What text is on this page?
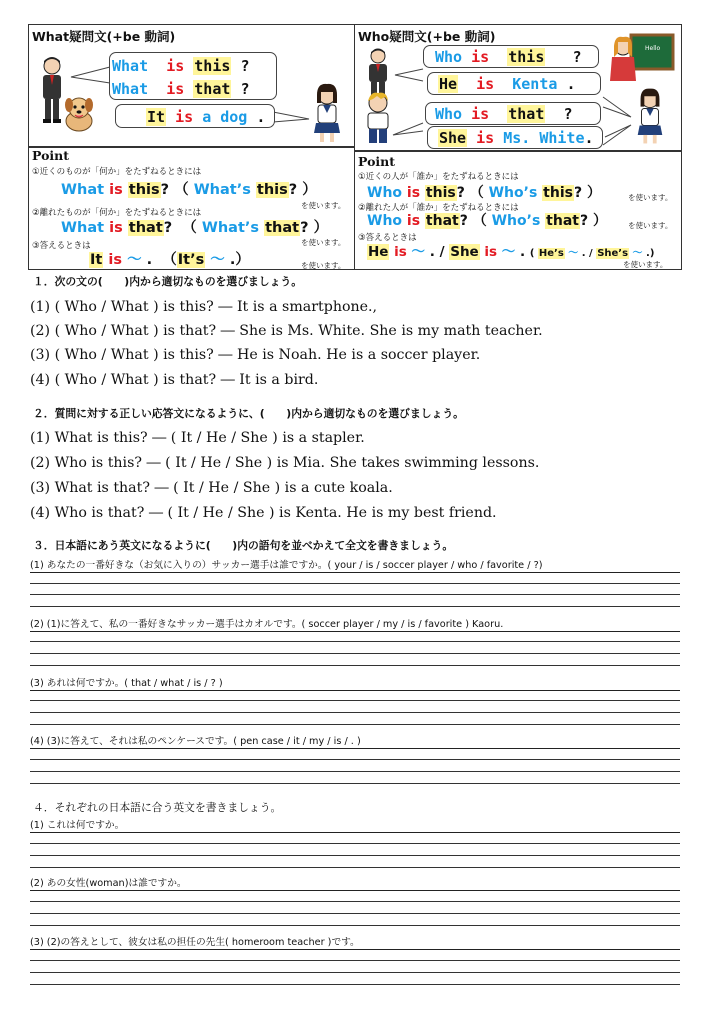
What疑問文(+be 動詞)
What is this ?
What is that ?
It is a dog .
Who疑問文(+be 動詞)
Hello
Who is this ?
He is Kenta .
Who is that ?
She is Ms. White.
Point
①近くのものが「何か」をたずねるときには
What is this? （ What’s this? ）
を使います。
②離れたものが「何か」をたずねるときには
What is that? （ What’s that? ）
を使います。
③答えるときは
It is ～ . （It’s ～ .）	を使います。
Point
①近くの人が「誰か」をたずねるときには
Who is this? （ Who’s this? ）	を使います。
②離れた人が「誰か」をたずねるときには
Who is that? （ Who’s that? ）	を使います。
③答えるときは
He is ～ . / She is ～ . ( He’s ～ . / She’s ～ .)
を使います。
１．次の文の(　　)内から適切なものを選びましょう。
(1) ( Who / What ) is this? ― It is a smartphone.,
(2) ( Who / What ) is that? ― She is Ms. White. She is my math teacher.
(3) ( Who / What ) is this? ― He is Noah. He is a soccer player.
(4) ( Who / What ) is that? ― It is a bird.
２．質問に対する正しい応答文になるように、(　　)内から適切なものを選びましょう。
(1) What is this? ― ( It / He / She ) is a stapler.
(2) Who is this? ― ( It / He / She ) is Mia. She takes swimming lessons.
(3) What is that? ― ( It / He / She ) is a cute koala.
(4) Who is that? ― ( It / He / She ) is Kenta. He is my best friend.
３．日本語にあう英文になるように(　　)内の語句を並べかえて全文を書きましょう。
(1) あなたの一番好きな（お気に入りの）サッカー選手は誰ですか。( your / is / soccer player / who / favorite / ?)
(2) (1)に答えて、私の一番好きなサッカー選手はカオルです。( soccer player / my / is / favorite ) Kaoru.
(3) あれは何ですか。( that / what / is / ? )
(4) (3)に答えて、それは私のペンケースです。( pen case / it / my / is / . )
４．それぞれの日本語に合う英文を書きましょう。
(1) これは何ですか。
(2) あの女性(woman)は誰ですか。
(3) (2)の答えとして、彼女は私の担任の先生( homeroom teacher )です。
